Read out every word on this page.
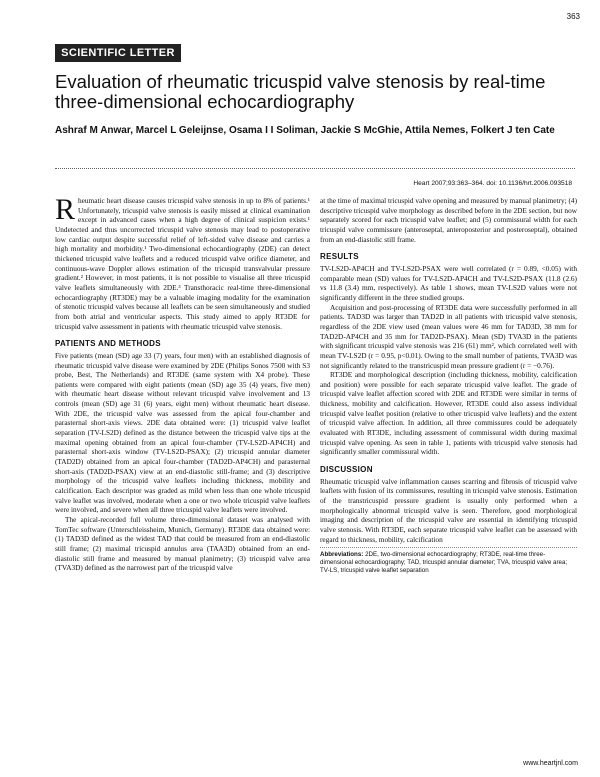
363
SCIENTIFIC LETTER
Evaluation of rheumatic tricuspid valve stenosis by real-time three-dimensional echocardiography
Ashraf M Anwar, Marcel L Geleijnse, Osama I I Soliman, Jackie S McGhie, Attila Nemes, Folkert J ten Cate
Heart 2007;93:363–364. doi: 10.1136/hrt.2006.093518

Rheumatic heart disease causes tricuspid valve stenosis in up to 8% of patients.¹ Unfortunately, tricuspid valve stenosis is easily missed at clinical examination except in advanced cases when a high degree of clinical suspicion exists.¹ Undetected and thus uncorrected tricuspid valve stenosis may lead to postoperative low cardiac output despite successful relief of left-sided valve disease and carries a high mortality and morbidity.¹ Two-dimensional echocardiography (2DE) can detect thickened tricuspid valve leaflets and a reduced tricuspid valve orifice diameter, and continuous-wave Doppler allows estimation of the tricuspid transvalvular pressure gradient.² However, in most patients, it is not possible to visualise all three tricuspid valve leaflets simultaneously with 2DE.³ Transthoracic real-time three-dimensional echocardiography (RT3DE) may be a valuable imaging modality for the examination of stenotic tricuspid valves because all leaflets can be seen simultaneously and studied from both atrial and ventricular aspects. This study aimed to apply RT3DE for tricuspid valve assessment in patients with rheumatic tricuspid valve stenosis.

PATIENTS AND METHODS

Five patients (mean (SD) age 33 (7) years, four men) with an established diagnosis of rheumatic tricuspid valve disease were examined by 2DE (Philips Sonos 7500 with S3 probe, Best, The Netherlands) and RT3DE (same system with X4 probe). These patients were compared with eight patients (mean (SD) age 35 (4) years, five men) with rheumatic heart disease without relevant tricuspid valve involvement and 13 controls (mean (SD) age 31 (6) years, eight men) without rheumatic heart disease. With 2DE, the tricuspid valve was assessed from the apical four-chamber and parasternal short-axis views. 2DE data obtained were: (1) tricuspid valve leaflet separation (TV-LS2D) defined as the distance between the tricuspid valve tips at the maximal opening obtained from an apical four-chamber (TV-LS2D-AP4CH) and parasternal short-axis window (TV-LS2D-PSAX); (2) tricuspid annular diameter (TAD2D) obtained from an apical four-chamber (TAD2D-AP4CH) and parasternal short-axis (TAD2D-PSAX) view at an end-diastolic still-frame; and (3) descriptive morphology of the tricuspid valve leaflets including thickness, mobility and calcification. Each descriptor was graded as mild when less than one whole tricuspid valve leaflet was involved, moderate when a one or two whole tricuspid valve leaflets were involved, and severe when all three tricuspid valve leaflets were involved.

The apical-recorded full volume three-dimensional dataset was analysed with TomTec software (Unterschleissheim, Munich, Germany). RT3DE data obtained were: (1) TAD3D defined as the widest TAD that could be measured from an end-diastolic still frame; (2) maximal tricuspid annulus area (TAA3D) obtained from an end-diastolic still frame and measured by manual planimetry; (3) tricuspid valve area (TVA3D) defined as the narrowest part of the tricuspid valve

at the time of maximal tricuspid valve opening and measured by manual planimetry; (4) descriptive tricuspid valve morphology as described before in the 2DE section, but now separately scored for each tricuspid valve leaflet; and (5) commissural width for each tricuspid valve commissure (anteroseptal, anteroposterior and posteroseptal), obtained from an end-diastolic still frame.

RESULTS

TV-LS2D-AP4CH and TV-LS2D-PSAX were well correlated (r = 0.89, <0.05) with comparable mean (SD) values for TV-LS2D-AP4CH and TV-LS2D-PSAX (11.8 (2.6) vs 11.8 (3.4) mm, respectively). As table 1 shows, mean TV-LS2D values were not significantly different in the three studied groups.

Acquisition and post-processing of RT3DE data were successfully performed in all patients. TAD3D was larger than TAD2D in all patients with tricuspid valve stenosis, regardless of the 2DE view used (mean values were 46 mm for TAD3D, 38 mm for TAD2D-AP4CH and 35 mm for TAD2D-PSAX). Mean (SD) TVA3D in the patients with significant tricuspid valve stenosis was 216 (61) mm², which correlated well with mean TV-LS2D (r = 0.95, p<0.01). Owing to the small number of patients, TVA3D was not significantly related to the transtricuspid mean pressure gradient (r = −0.76).

RT3DE and morphological description (including thickness, mobility, calcification and position) were possible for each separate tricuspid valve leaflet. The grade of tricuspid valve leaflet affection scored with 2DE and RT3DE were similar in terms of thickness, mobility and calcification. However, RT3DE could also assess individual tricuspid valve leaflet position (relative to other tricuspid valve leaflets) and the extent of tricuspid valve affection. In addition, all three commissures could be adequately evaluated with RT3DE, including assessment of commissural width during maximal tricuspid valve opening. As seen in table 1, patients with tricuspid valve stenosis had significantly smaller commissural width.

DISCUSSION

Rheumatic tricuspid valve inflammation causes scarring and fibrosis of tricuspid valve leaflets with fusion of its commissures, resulting in tricuspid valve stenosis. Estimation of the transtricuspid pressure gradient is usually only performed when a morphologically abnormal tricuspid valve is seen. Therefore, good morphological imaging and description of the tricuspid valve are essential in identifying tricuspid valve stenosis. With RT3DE, each separate tricuspid valve leaflet can be assessed with regard to thickness, mobility, calcification

Abbreviations: 2DE, two-dimensional echocardiography; RT3DE, real-time three-dimensional echocardiography; TAD, tricuspid annular diameter; TVA, tricuspid valve area; TV-LS, tricuspid valve leaflet separation
www.heartjnl.com
